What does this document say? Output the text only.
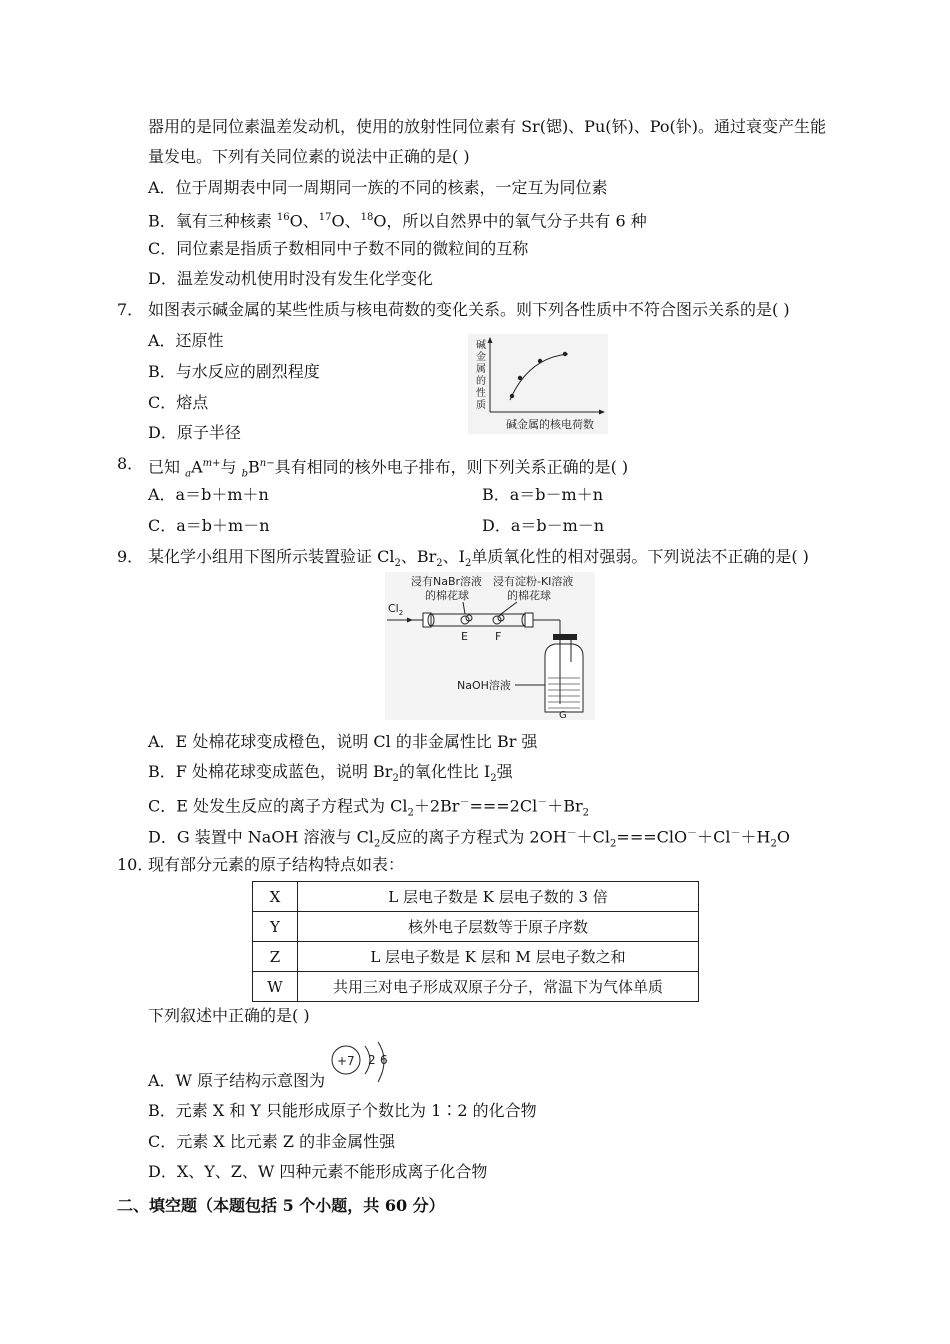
器用的是同位素温差发动机，使用的放射性同位素有 Sr(锶)、Pu(钚)、Po(钋)。通过衰变产生能
量发电。下列有关同位素的说法中正确的是( )
A．位于周期表中同一周期同一族的不同的核素，一定互为同位素
B．氧有三种核素 $^{16}$O、$^{17}$O、$^{18}$O，所以自然界中的氧气分子共有 6 种
C．同位素是指质子数相同中子数不同的微粒间的互称
D．温差发动机使用时没有发生化学变化
7． 如图表示碱金属的某些性质与核电荷数的变化关系。则下列各性质中不符合图示关系的是( )
A．还原性
B．与水反应的剧烈程度
C．熔点
D．原子半径
碱
金
属
的
性
质
碱金属的核电荷数
8． 已知 $_aA^{m+}$与 $_bB^{n-}$具有相同的核外电子排布，则下列关系正确的是( )
A．a＝b＋m＋n	B．a＝b－m＋n
C．a＝b＋m－n	D．a＝b－m－n
9． 某化学小组用下图所示装置验证 $Cl_2$、$Br_2$、$I_2$单质氧化性的相对强弱。下列说法不正确的是( )
浸有NaBr溶液
的棉花球
浸有淀粉-KI溶液
的棉花球
$Cl_2$
E F
NaOH溶液
G
A．E 处棉花球变成橙色，说明 Cl 的非金属性比 Br 强
B．F 处棉花球变成蓝色，说明 $Br_2$的氧化性比 $I_2$强
C．E 处发生反应的离子方程式为 $Cl_2+2Br^-===2Cl^-+Br_2$
D．G 装置中 NaOH 溶液与 $Cl_2$反应的离子方程式为 $2OH^-+Cl_2===ClO^-+Cl^-+H_2O$
10．
现有部分元素的原子结构特点如表：
X	L 层电子数是 K 层电子数的 3 倍
Y	核外电子层数等于原子序数
Z	L 层电子数是 K 层和 M 层电子数之和
W	共用三对电子形成双原子分子，常温下为气体单质
下列叙述中正确的是( )
A．W 原子结构示意图为
+7 2 6
B．元素 X 和 Y 只能形成原子个数比为 1∶2 的化合物
C．元素 X 比元素 Z 的非金属性强
D．X、Y、Z、W 四种元素不能形成离子化合物
二、填空题（本题包括 5 个小题，共 60 分）
